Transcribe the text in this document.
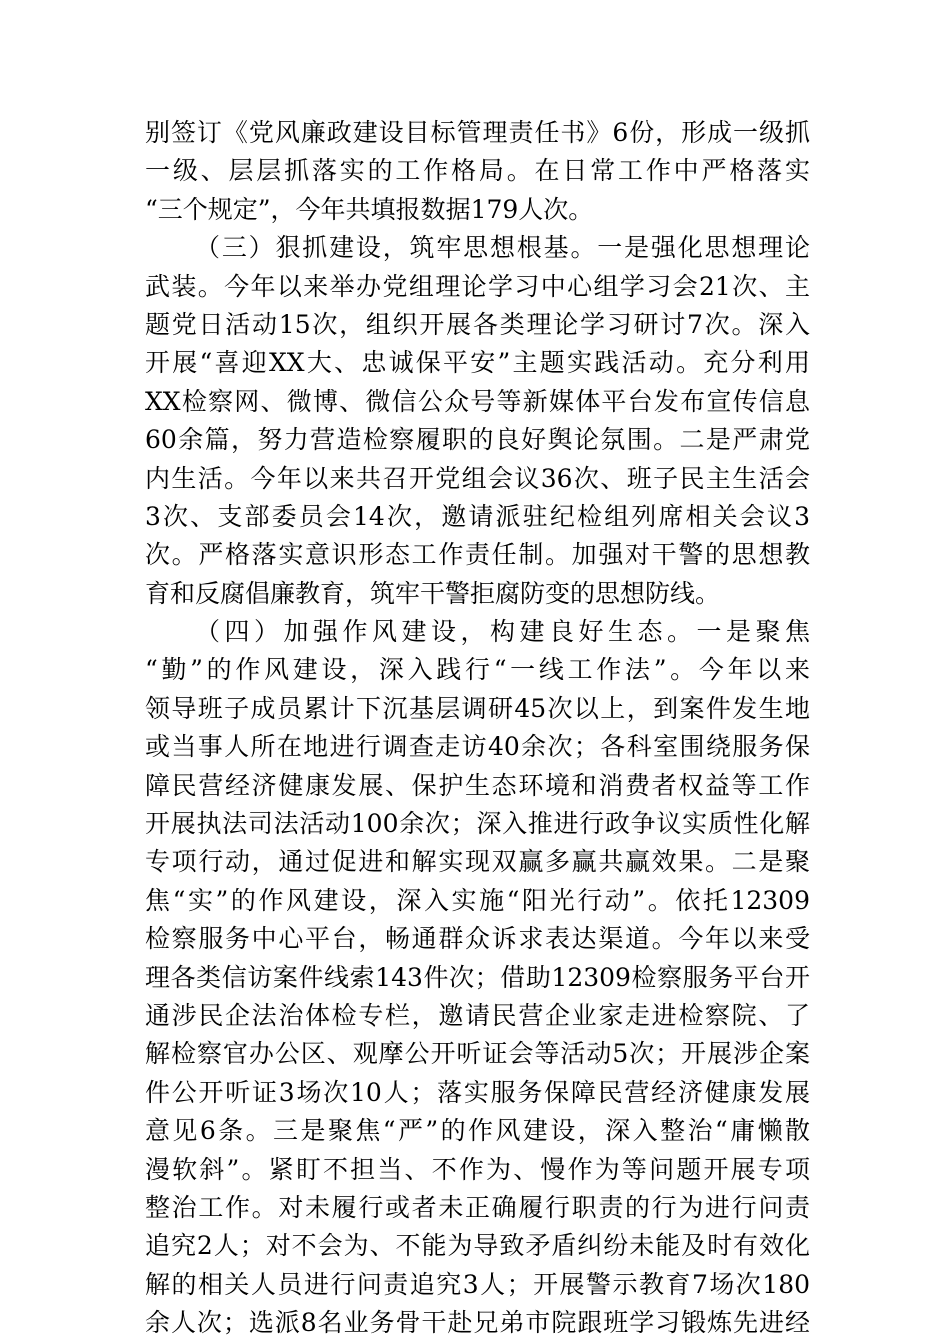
别签订《党风廉政建设目标管理责任书》6份，形成一级抓
一级、层层抓落实的工作格局。在日常工作中严格落实
“三个规定”，今年共填报数据179人次。
（三）狠抓建设，筑牢思想根基。一是强化思想理论
武装。今年以来举办党组理论学习中心组学习会21次、主
题党日活动15次，组织开展各类理论学习研讨7次。深入
开展“喜迎XX大、忠诚保平安”主题实践活动。充分利用
XX检察网、微博、微信公众号等新媒体平台发布宣传信息
60余篇，努力营造检察履职的良好舆论氛围。二是严肃党
内生活。今年以来共召开党组会议36次、班子民主生活会
3次、支部委员会14次，邀请派驻纪检组列席相关会议3
次。严格落实意识形态工作责任制。加强对干警的思想教
育和反腐倡廉教育，筑牢干警拒腐防变的思想防线。
（四）加强作风建设，构建良好生态。一是聚焦
“勤”的作风建设，深入践行“一线工作法”。今年以来
领导班子成员累计下沉基层调研45次以上，到案件发生地
或当事人所在地进行调查走访40余次；各科室围绕服务保
障民营经济健康发展、保护生态环境和消费者权益等工作
开展执法司法活动100余次；深入推进行政争议实质性化解
专项行动，通过促进和解实现双赢多赢共赢效果。二是聚
焦“实”的作风建设，深入实施“阳光行动”。依托12309
检察服务中心平台，畅通群众诉求表达渠道。今年以来受
理各类信访案件线索143件次；借助12309检察服务平台开
通涉民企法治体检专栏，邀请民营企业家走进检察院、了
解检察官办公区、观摩公开听证会等活动5次；开展涉企案
件公开听证3场次10人；落实服务保障民营经济健康发展
意见6条。三是聚焦“严”的作风建设，深入整治“庸懒散
漫软斜”。紧盯不担当、不作为、慢作为等问题开展专项
整治工作。对未履行或者未正确履行职责的行为进行问责
追究2人；对不会为、不能为导致矛盾纠纷未能及时有效化
解的相关人员进行问责追究3人；开展警示教育7场次180
余人次；选派8名业务骨干赴兄弟市院跟班学习锻炼先进经
